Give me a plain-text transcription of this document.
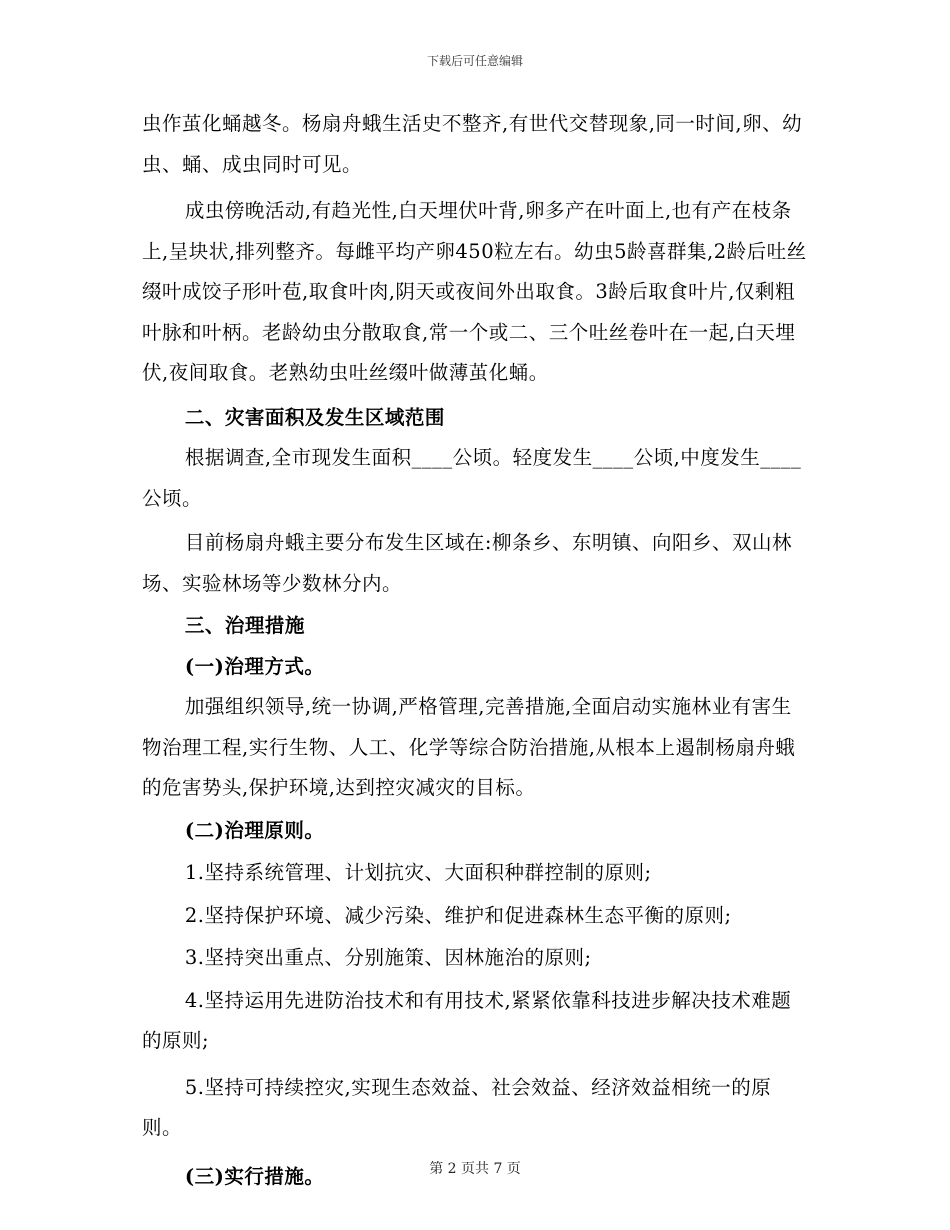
下载后可任意编辑

虫作茧化蛹越冬。杨扇舟蛾生活史不整齐,有世代交替现象,同一时间,卵、幼虫、蛹、成虫同时可见。

成虫傍晚活动,有趋光性,白天埋伏叶背,卵多产在叶面上,也有产在枝条上,呈块状,排列整齐。每雌平均产卵450粒左右。幼虫5龄喜群集,2龄后吐丝缀叶成饺子形叶苞,取食叶肉,阴天或夜间外出取食。3龄后取食叶片,仅剩粗叶脉和叶柄。老龄幼虫分散取食,常一个或二、三个吐丝卷叶在一起,白天埋伏,夜间取食。老熟幼虫吐丝缀叶做薄茧化蛹。

二、灾害面积及发生区域范围

根据调查,全市现发生面积____公顷。轻度发生____公顷,中度发生____公顷。

目前杨扇舟蛾主要分布发生区域在:柳条乡、东明镇、向阳乡、双山林场、实验林场等少数林分内。

三、治理措施

(一)治理方式。

加强组织领导,统一协调,严格管理,完善措施,全面启动实施林业有害生物治理工程,实行生物、人工、化学等综合防治措施,从根本上遏制杨扇舟蛾的危害势头,保护环境,达到控灾减灾的目标。

(二)治理原则。

1.坚持系统管理、计划抗灾、大面积种群控制的原则;

2.坚持保护环境、减少污染、维护和促进森林生态平衡的原则;

3.坚持突出重点、分别施策、因林施治的原则;

4.坚持运用先进防治技术和有用技术,紧紧依靠科技进步解决技术难题的原则;

5.坚持可持续控灾,实现生态效益、社会效益、经济效益相统一的原则。

(三)实行措施。	第 2 页共 7 页
